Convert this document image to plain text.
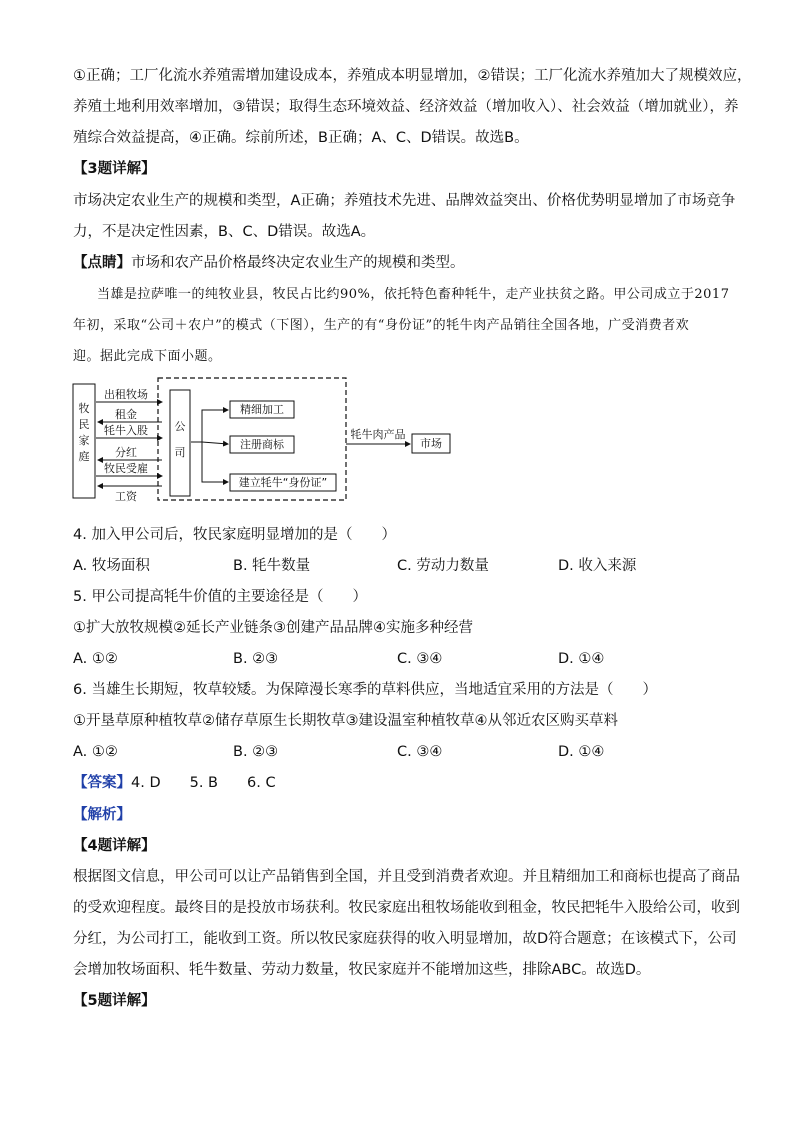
①正确；工厂化流水养殖需增加建设成本，养殖成本明显增加，②错误；工厂化流水养殖加大了规模效应，
养殖土地利用效率增加，③错误；取得生态环境效益、经济效益（增加收入）、社会效益（增加就业），养
殖综合效益提高，④正确。综前所述，B正确；A、C、D错误。故选B。
【3题详解】
市场决定农业生产的规模和类型，A正确；养殖技术先进、品牌效益突出、价格优势明显增加了市场竞争
力，不是决定性因素，B、C、D错误。故选A。
【点睛】市场和农产品价格最终决定农业生产的规模和类型。
当雄是拉萨唯一的纯牧业县，牧民占比约90%，依托特色畜种牦牛，走产业扶贫之路。甲公司成立于2017
年初，采取“公司＋农户”的模式（下图），生产的有“身份证”的牦牛肉产品销往全国各地，广受消费者欢
迎。据此完成下面小题。
牧
民
家
庭
公
司
出租牧场
租金
牦牛入股
分红
牧民受雇
工资
精细加工
注册商标
建立牦牛“身份证”
牦牛肉产品
市场
4. 加入甲公司后，牧民家庭明显增加的是（　　）
A. 牧场面积	B. 牦牛数量	C. 劳动力数量	D. 收入来源
5. 甲公司提高牦牛价值的主要途径是（　　）
①扩大放牧规模②延长产业链条③创建产品品牌④实施多种经营
A. ①②	B. ②③	C. ③④	D. ①④
6. 当雄生长期短，牧草较矮。为保障漫长寒季的草料供应，当地适宜采用的方法是（　　）
①开垦草原种植牧草②储存草原生长期牧草③建设温室种植牧草④从邻近农区购买草料
A. ①②	B. ②③	C. ③④	D. ①④
【答案】4. D　　5. B　　6. C
【解析】
【4题详解】
根据图文信息，甲公司可以让产品销售到全国，并且受到消费者欢迎。并且精细加工和商标也提高了商品
的受欢迎程度。最终目的是投放市场获利。牧民家庭出租牧场能收到租金，牧民把牦牛入股给公司，收到
分红，为公司打工，能收到工资。所以牧民家庭获得的收入明显增加，故D符合题意；在该模式下，公司
会增加牧场面积、牦牛数量、劳动力数量，牧民家庭并不能增加这些，排除ABC。故选D。
【5题详解】
